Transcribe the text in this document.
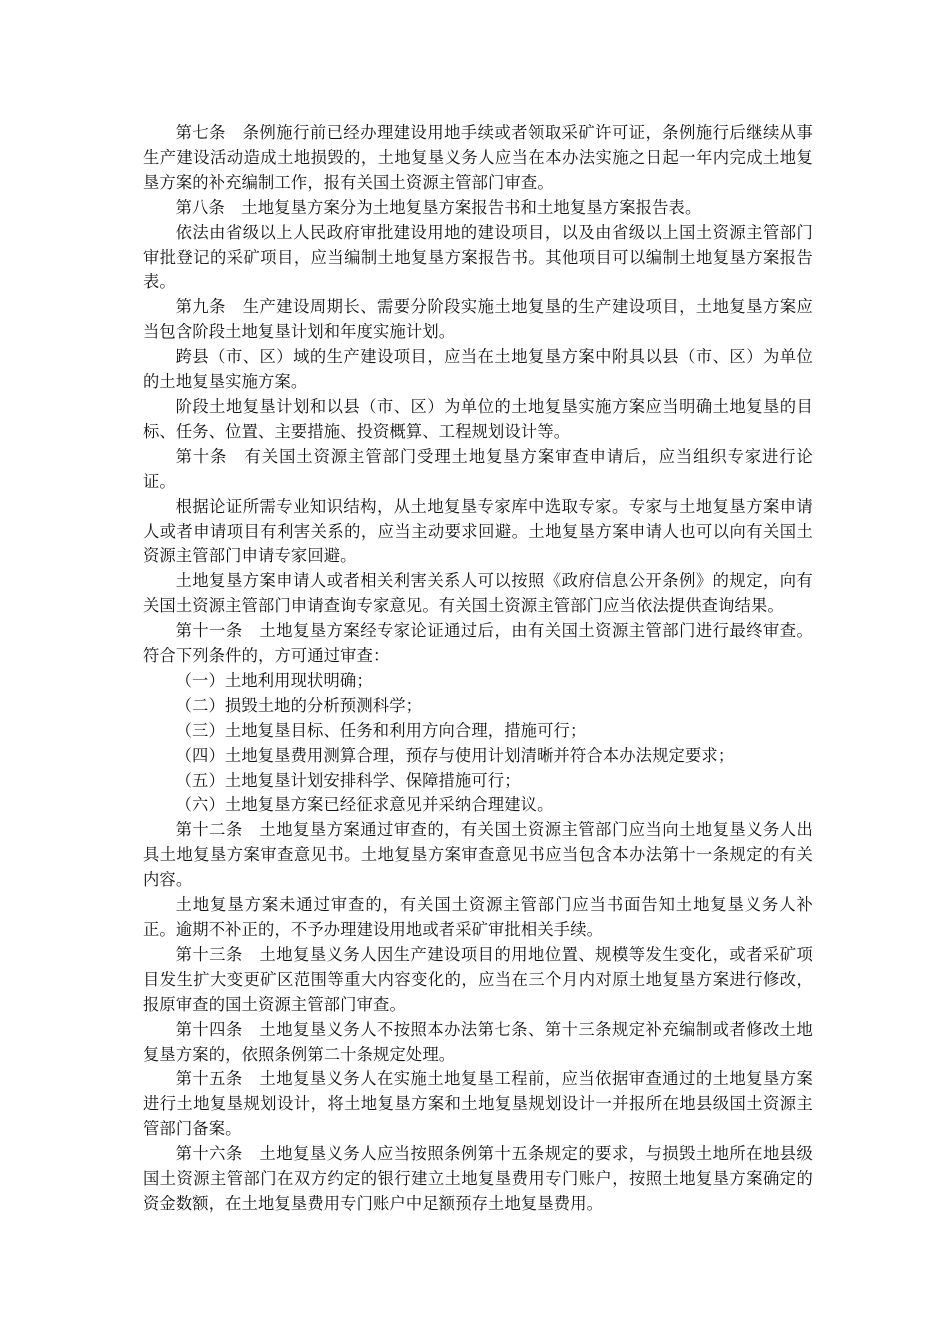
第七条　条例施行前已经办理建设用地手续或者领取采矿许可证，条例施行后继续从事生产建设活动造成土地损毁的，土地复垦义务人应当在本办法实施之日起一年内完成土地复垦方案的补充编制工作，报有关国土资源主管部门审查。

第八条　土地复垦方案分为土地复垦方案报告书和土地复垦方案报告表。

依法由省级以上人民政府审批建设用地的建设项目，以及由省级以上国土资源主管部门审批登记的采矿项目，应当编制土地复垦方案报告书。其他项目可以编制土地复垦方案报告表。

第九条　生产建设周期长、需要分阶段实施土地复垦的生产建设项目，土地复垦方案应当包含阶段土地复垦计划和年度实施计划。

跨县（市、区）域的生产建设项目，应当在土地复垦方案中附具以县（市、区）为单位的土地复垦实施方案。

阶段土地复垦计划和以县（市、区）为单位的土地复垦实施方案应当明确土地复垦的目标、任务、位置、主要措施、投资概算、工程规划设计等。

第十条　有关国土资源主管部门受理土地复垦方案审查申请后，应当组织专家进行论证。

根据论证所需专业知识结构，从土地复垦专家库中选取专家。专家与土地复垦方案申请人或者申请项目有利害关系的，应当主动要求回避。土地复垦方案申请人也可以向有关国土资源主管部门申请专家回避。

土地复垦方案申请人或者相关利害关系人可以按照《政府信息公开条例》的规定，向有关国土资源主管部门申请查询专家意见。有关国土资源主管部门应当依法提供查询结果。

第十一条　土地复垦方案经专家论证通过后，由有关国土资源主管部门进行最终审查。符合下列条件的，方可通过审查：

（一）土地利用现状明确；

（二）损毁土地的分析预测科学；

（三）土地复垦目标、任务和利用方向合理，措施可行；

（四）土地复垦费用测算合理，预存与使用计划清晰并符合本办法规定要求；

（五）土地复垦计划安排科学、保障措施可行；

（六）土地复垦方案已经征求意见并采纳合理建议。

第十二条　土地复垦方案通过审查的，有关国土资源主管部门应当向土地复垦义务人出具土地复垦方案审查意见书。土地复垦方案审查意见书应当包含本办法第十一条规定的有关内容。

土地复垦方案未通过审查的，有关国土资源主管部门应当书面告知土地复垦义务人补正。逾期不补正的，不予办理建设用地或者采矿审批相关手续。

第十三条　土地复垦义务人因生产建设项目的用地位置、规模等发生变化，或者采矿项目发生扩大变更矿区范围等重大内容变化的，应当在三个月内对原土地复垦方案进行修改，报原审查的国土资源主管部门审查。

第十四条　土地复垦义务人不按照本办法第七条、第十三条规定补充编制或者修改土地复垦方案的，依照条例第二十条规定处理。

第十五条　土地复垦义务人在实施土地复垦工程前，应当依据审查通过的土地复垦方案进行土地复垦规划设计，将土地复垦方案和土地复垦规划设计一并报所在地县级国土资源主管部门备案。

第十六条　土地复垦义务人应当按照条例第十五条规定的要求，与损毁土地所在地县级国土资源主管部门在双方约定的银行建立土地复垦费用专门账户，按照土地复垦方案确定的资金数额，在土地复垦费用专门账户中足额预存土地复垦费用。
